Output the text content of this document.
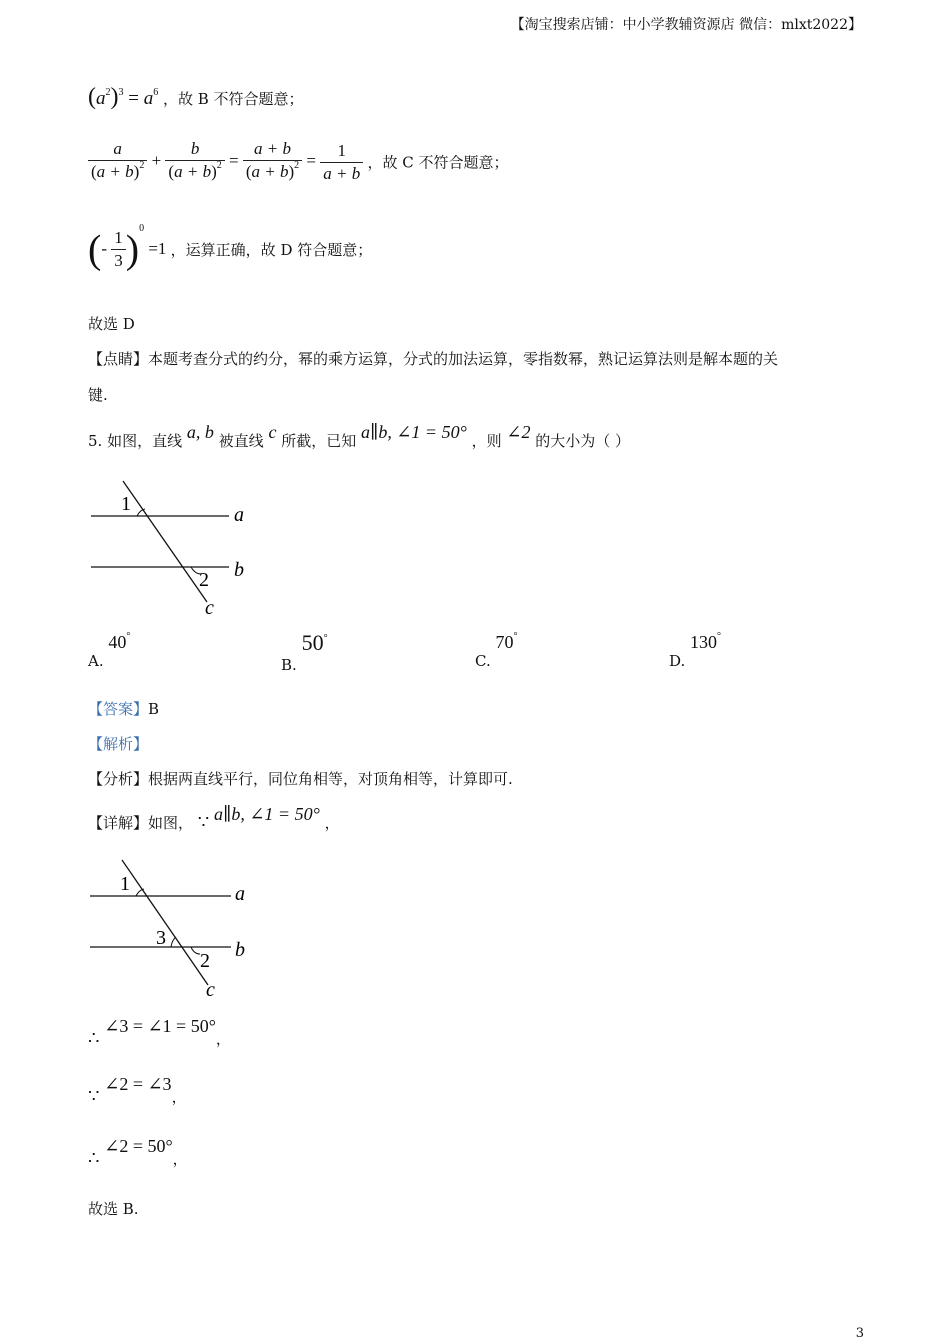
【淘宝搜索店铺：中小学教辅资源店 微信：mlxt2022】
$(a^2)^3 = a^6$ ，故 B 不符合题意；
$\frac{a}{(a + b)^2} + \frac{b}{(a + b)^2} = \frac{a + b}{(a + b)^2} = \frac{1}{a + b}$ ，故 C 不符合题意；
(- $\frac{1}{3} )^0 =1$ ，运算正确，故 D 符合题意；
故选 D
【点睛】本题考查分式的约分，幂的乘方运算，分式的加法运算，零指数幂，熟记运算法则是解本题的关
键.
5. 如图，直线 a, b 被直线 c 所截，已知 a∥b, ∠1 = 50° ，则 ∠2 的大小为（ ）
1
2
a
b
c
A. 40°
B. 50°
C. 70°
D. 130°
【答案】B
【解析】
【分析】根据两直线平行，同位角相等，对顶角相等，计算即可.
【详解】如图， ∵ a∥b, ∠1 = 50° ，
1
3
2
a
b
c
∴ ∠3 = ∠1 = 50°，
∵ ∠2 = ∠3，
∴ ∠2 = 50°，
故选 B.
3
